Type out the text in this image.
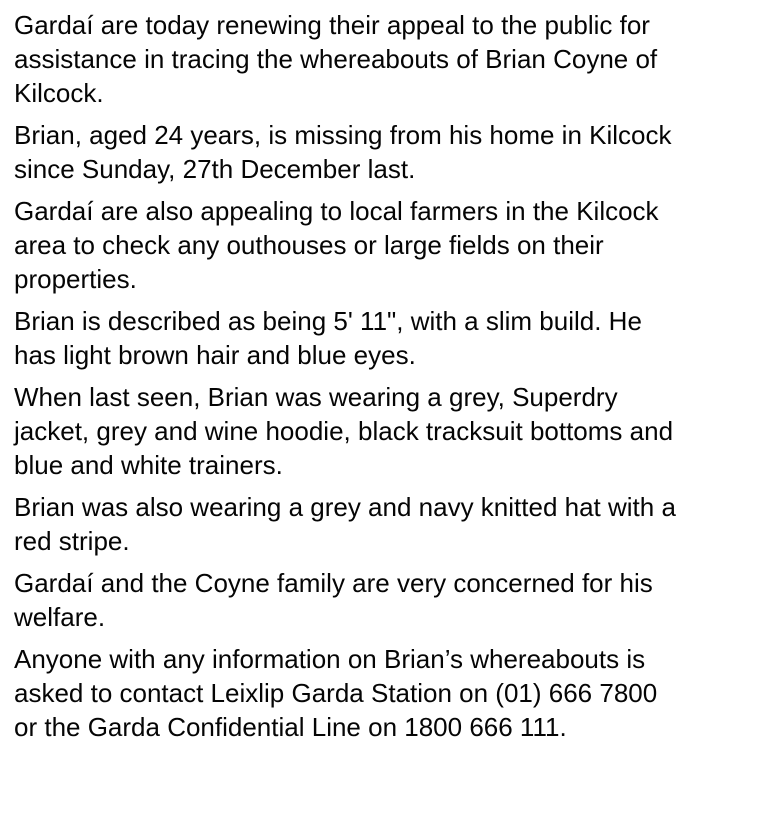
Gardaí are today renewing their appeal to the public for
assistance in tracing the whereabouts of Brian Coyne of
Kilcock.

Brian, aged 24 years, is missing from his home in Kilcock
since Sunday, 27th December last.

Gardaí are also appealing to local farmers in the Kilcock
area to check any outhouses or large fields on their
properties.

Brian is described as being 5' 11", with a slim build. He
has light brown hair and blue eyes.

When last seen, Brian was wearing a grey, Superdry
jacket, grey and wine hoodie, black tracksuit bottoms and
blue and white trainers.

Brian was also wearing a grey and navy knitted hat with a
red stripe.

Gardaí and the Coyne family are very concerned for his
welfare.

Anyone with any information on Brian’s whereabouts is
asked to contact Leixlip Garda Station on (01) 666 7800
or the Garda Confidential Line on 1800 666 111.
